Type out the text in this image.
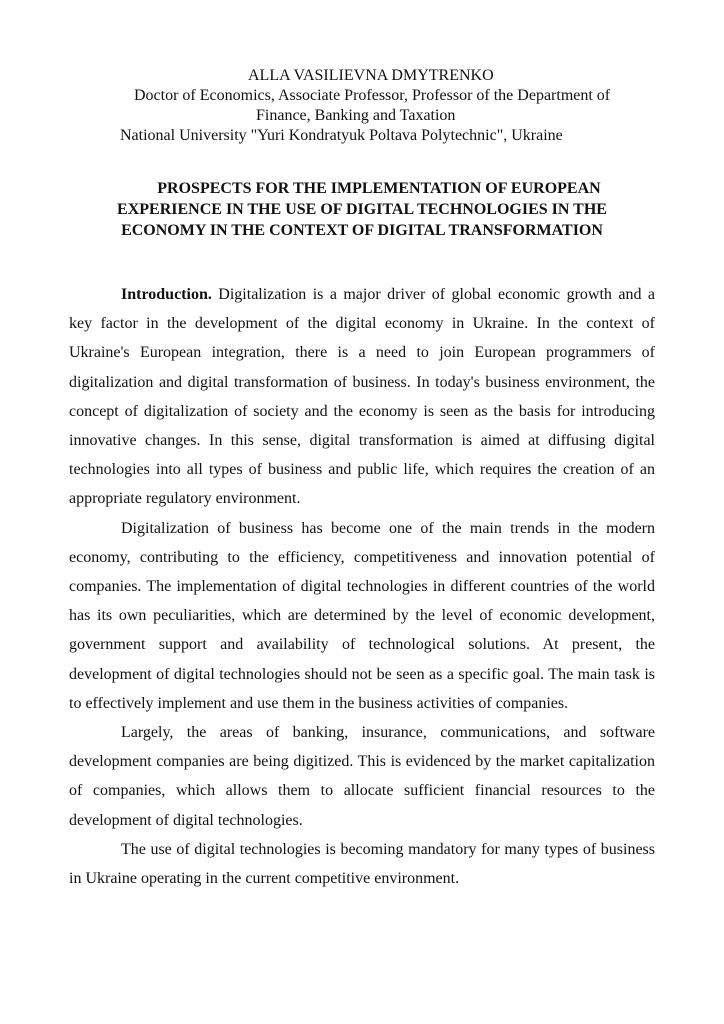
ALLA VASILIEVNA DMYTRENKO
Doctor of Economics, Associate Professor, Professor of the Department of
Finance, Banking and Taxation
National University "Yuri Kondratyuk Poltava Polytechnic", Ukraine
PROSPECTS FOR THE IMPLEMENTATION OF EUROPEAN
EXPERIENCE IN THE USE OF DIGITAL TECHNOLOGIES IN THE
ECONOMY IN THE CONTEXT OF DIGITAL TRANSFORMATION

Introduction. Digitalization is a major driver of global economic growth and a key factor in the development of the digital economy in Ukraine. In the context of Ukraine's European integration, there is a need to join European programmers of digitalization and digital transformation of business. In today's business environment, the concept of digitalization of society and the economy is seen as the basis for introducing innovative changes. In this sense, digital transformation is aimed at diffusing digital technologies into all types of business and public life, which requires the creation of an appropriate regulatory environment.

Digitalization of business has become one of the main trends in the modern economy, contributing to the efficiency, competitiveness and innovation potential of companies. The implementation of digital technologies in different countries of the world has its own peculiarities, which are determined by the level of economic development, government support and availability of technological solutions. At present, the development of digital technologies should not be seen as a specific goal. The main task is to effectively implement and use them in the business activities of companies.

Largely, the areas of banking, insurance, communications, and software development companies are being digitized. This is evidenced by the market capitalization of companies, which allows them to allocate sufficient financial resources to the development of digital technologies.

The use of digital technologies is becoming mandatory for many types of business in Ukraine operating in the current competitive environment.
